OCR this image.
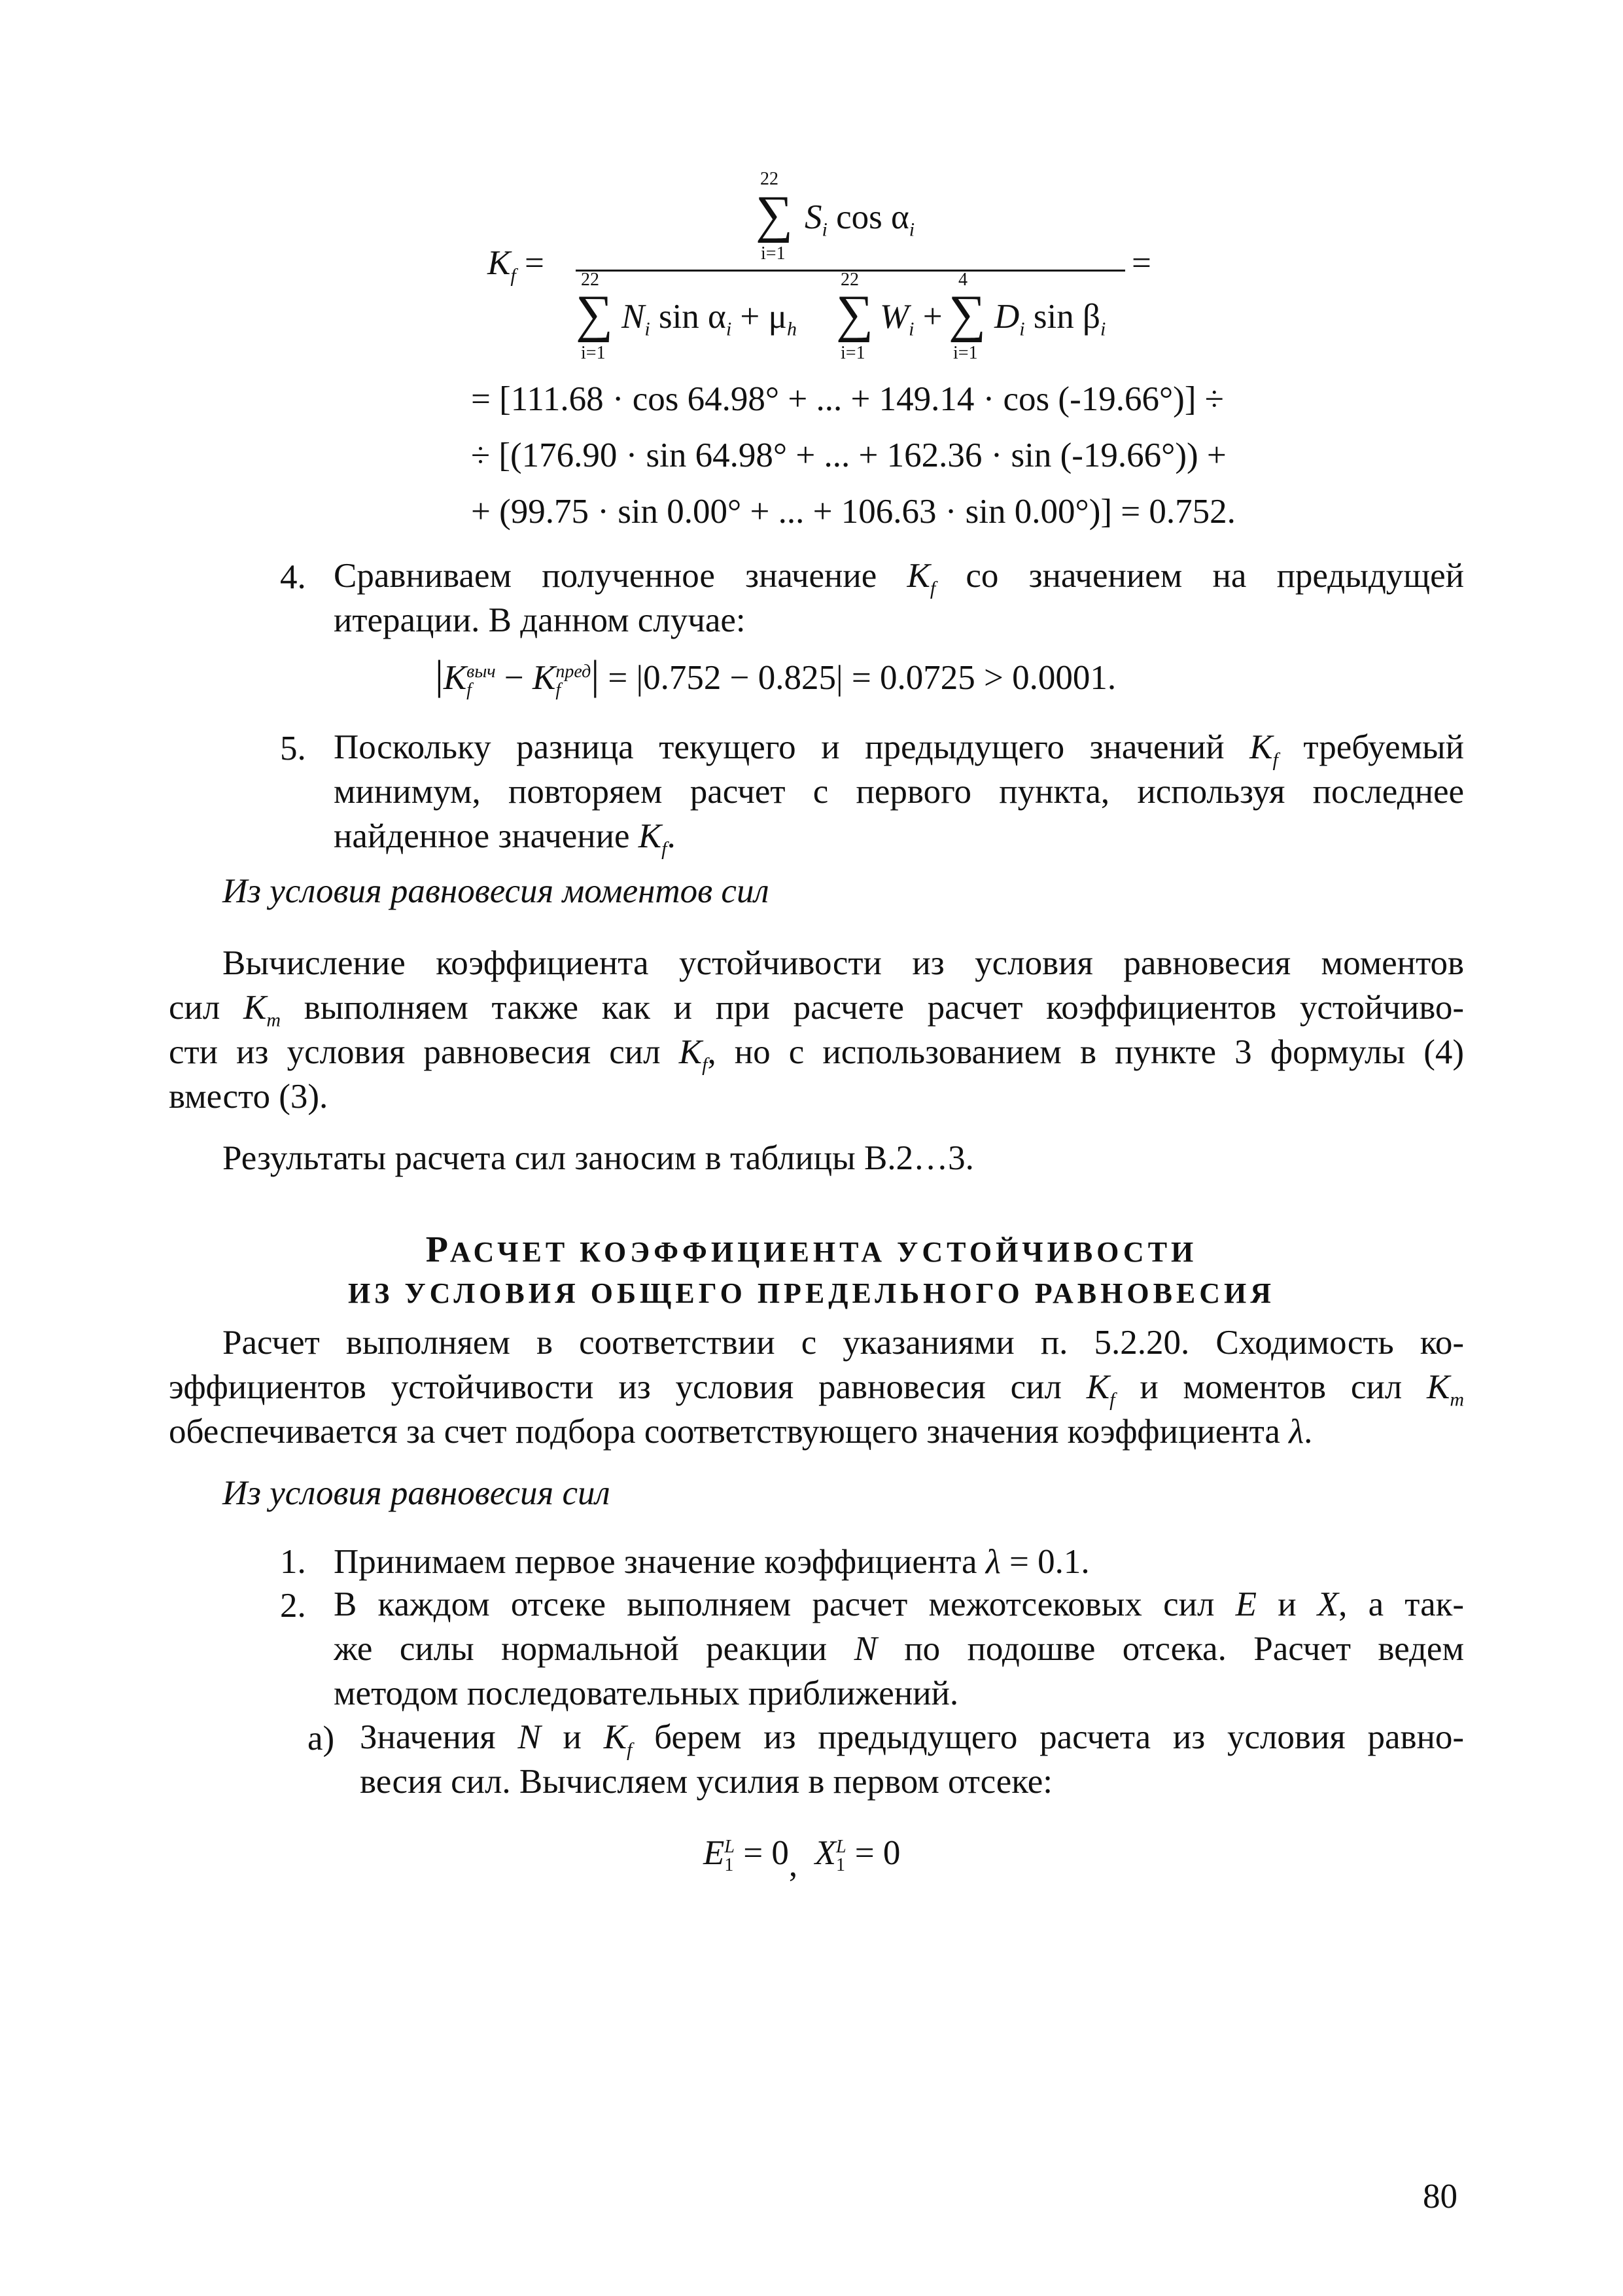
$K_f$ =
22
∑
i=1
$S_i$ $\cos \alpha_i$
=
22
∑
i=1
$N_i$ $\sin \alpha_i + \mu_h$
22
∑
i=1
$W_i$ +
4
∑
i=1
$D_i$ $\sin \beta_i$
= [111.68 · cos 64.98° + ... + 149.14 · cos (-19.66°)] ÷
÷ [(176.90 · sin 64.98° + ... + 162.36 · sin (-19.66°)) +
+ (99.75 · sin 0.00° + ... + 106.63 · sin 0.00°)] = 0.752.
4. Сравниваем полученное значение $K_f$ со значением на предыдущей
итерации. В данном случае:
|Kвыч
f − Kпред
f | = |0.752 − 0.825| = 0.0725 > 0.0001.
5. Поскольку разница текущего и предыдущего значений $K_f$ требуемый
минимум, повторяем расчет с первого пункта, используя последнее
найденное значение $K_f$.
Из условия равновесия моментов сил
Вычисление коэффициента устойчивости из условия равновесия моментов
сил $K_m$ выполняем также как и при расчете расчет коэффициентов устойчиво-
сти из условия равновесия сил $K_f$, но с использованием в пункте 3 формулы (4)
вместо (3).
Результаты расчета сил заносим в таблицы В.2…3.
РАСЧЕТ КОЭФФИЦИЕНТА УСТОЙЧИВОСТИ
ИЗ УСЛОВИЯ ОБЩЕГО ПРЕДЕЛЬНОГО РАВНОВЕСИЯ
Расчет выполняем в соответствии с указаниями п. 5.2.20. Сходимость ко-
эффициентов устойчивости из условия равновесия сил $K_f$ и моментов сил $K_m$
обеспечивается за счет подбора соответствующего значения коэффициента λ.
Из условия равновесия сил
1. Принимаем первое значение коэффициента λ = 0.1.
2. В каждом отсеке выполняем расчет межотсековых сил E и X, а так-
же силы нормальной реакции N по подошве отсека. Расчет ведем
методом последовательных приближений.
а) Значения N и $K_f$ берем из предыдущего расчета из условия равно-
весия сил. Вычисляем усилия в первом отсеке:
EL
1 = 0, XL
1 = 0
80
